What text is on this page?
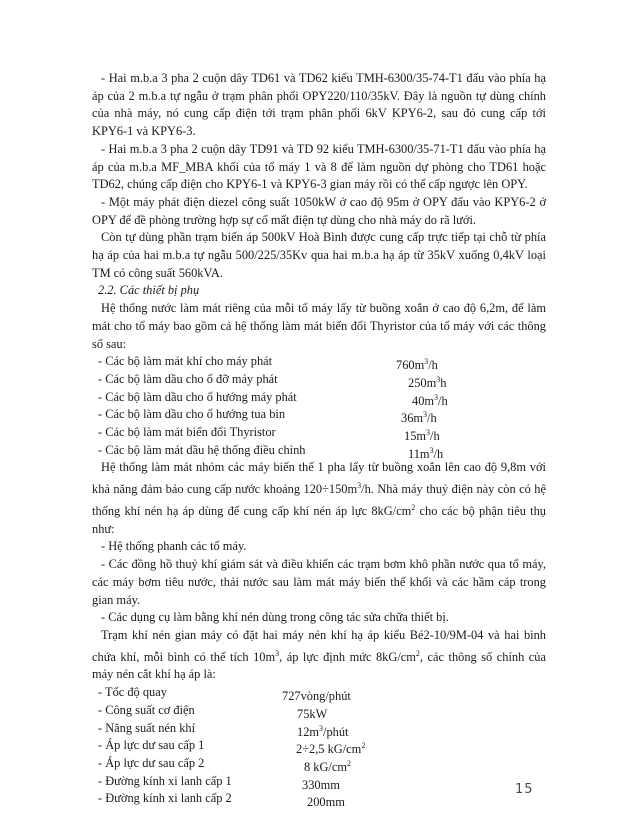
- Hai m.b.a 3 pha 2 cuộn dây TD61 và TD62 kiểu TMH-6300/35-74-T1 đấu vào phía hạ áp của 2 m.b.a tự ngẫu ở trạm phân phối OPY220/110/35kV. Đây là nguồn tự dùng chính của nhà máy, nó cung cấp điện tới trạm phân phối 6kV KPY6-2, sau đó cung cấp tới KPY6-1 và KPY6-3.

- Hai m.b.a 3 pha 2 cuộn dây TD91 và TD 92 kiểu TMH-6300/35-71-T1 đấu vào phía hạ áp của m.b.a MF_MBA khối của tổ máy 1 và 8 để làm nguồn dự phòng cho TD61 hoặc TD62, chúng cấp điện cho KPY6-1 và KPY6-3 gian máy rồi có thể cấp ngược lên OPY.

- Một máy phát điện diezel công suất 1050kW ở cao độ 95m ở OPY đấu vào KPY6-2 ở OPY để đề phòng trường hợp sự cố mất điện tự dùng cho nhà máy do rã lưới.

Còn tự dùng phần trạm biến áp 500kV Hoà Bình được cung cấp trực tiếp tại chỗ từ phía hạ áp của hai m.b.a tự ngẫu 500/225/35Kv qua hai m.b.a hạ áp từ 35kV xuống 0,4kV loại TM có công suất 560kVA.

2.2. Các thiết bị phụ

Hệ thống nước làm mát riêng của mỗi tổ máy lấy từ buồng xoắn ở cao độ 6,2m, để làm mát cho tổ máy bao gồm cả hệ thống làm mát biến đổi Thyristor của tổ máy với các thông số sau:

- Các bộ làm mát khí cho máy phát	$760m^3/h$
- Các bộ làm dầu cho ổ đỡ máy phát	$250m^3h$
- Các bộ làm dầu cho ổ hướng máy phát	$40m^3/h$
- Các bộ làm dầu cho ổ hướng tua bin	$36m^3/h$
- Các bộ làm mát biến đổi Thyristor	$15m^3/h$
- Các bộ làm mát dầu hệ thống điều chỉnh	$11m^3/h$

Hệ thống làm mát nhóm các máy biến thế 1 pha lấy từ buồng xoắn lên cao độ 9,8m với khả năng đảm bảo cung cấp nước khoảng $120\div 150m^3/h$. Nhà máy thuỷ điện này còn có hệ thống khí nén hạ áp dùng để cung cấp khí nén áp lực $8kG/cm^2$ cho các bộ phận tiêu thụ như:

- Hệ thống phanh các tổ máy.

- Các đồng hồ thuỷ khí giám sát và điều khiển các trạm bơm khô phần nước qua tổ máy, các máy bơm tiêu nước, thải nước sau làm mát máy biến thế khối và các hầm cáp trong gian máy.

- Các dụng cụ làm bằng khí nén dùng trong công tác sửa chữa thiết bị.

Trạm khí nén gian máy có đặt hai máy nén khí hạ áp kiểu Bé2-10/9M-04 và hai bình chứa khí, mỗi bình có thể tích $10m^3$, áp lực định mức $8kG/cm^2$, các thông số chính của máy nén cắt khí hạ áp là:

- Tốc độ quay	727vòng/phút
- Công suất cơ điện	75kW
- Năng suất nén khí	$12m^3$/phút
- Áp lực dư sau cấp 1	2÷2,5 $kG/cm^2$
- Áp lực dư sau cấp 2	8 $kG/cm^2$
- Đường kính xi lanh cấp 1	330mm
- Đường kính xi lanh cấp 2	200mm
15
